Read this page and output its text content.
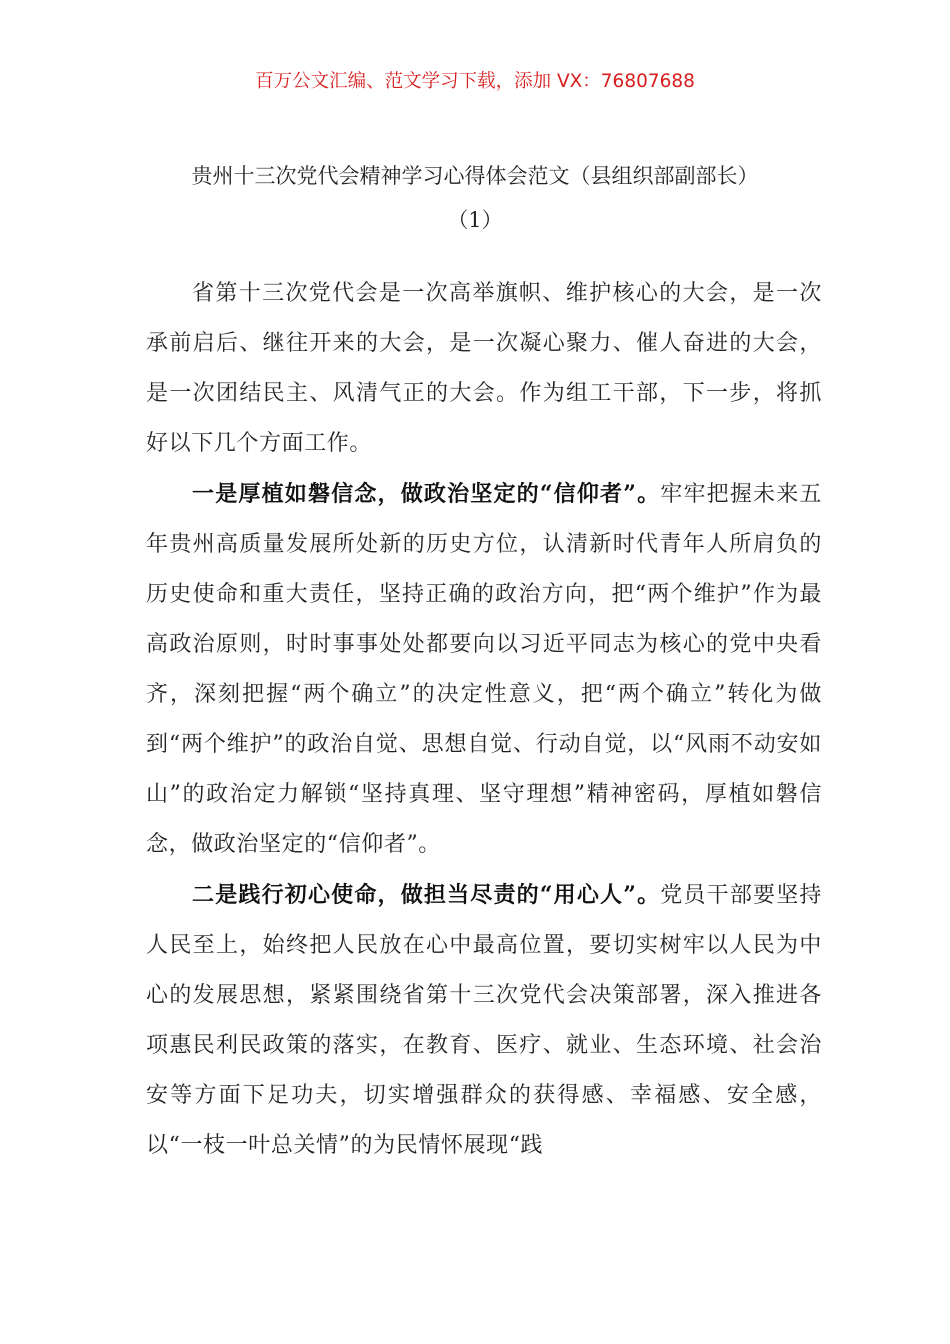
百万公文汇编、范文学习下载，添加 VX：76807688
贵州十三次党代会精神学习心得体会范文（县组织部副部长）
（1）

省第十三次党代会是一次高举旗帜、维护核心的大会，是一次承前启后、继往开来的大会，是一次凝心聚力、催人奋进的大会，是一次团结民主、风清气正的大会。作为组工干部，下一步，将抓好以下几个方面工作。

一是厚植如磐信念，做政治坚定的“信仰者”。牢牢把握未来五年贵州高质量发展所处新的历史方位，认清新时代青年人所肩负的历史使命和重大责任，坚持正确的政治方向，把“两个维护”作为最高政治原则，时时事事处处都要向以习近平同志为核心的党中央看齐，深刻把握“两个确立”的决定性意义，把“两个确立”转化为做到“两个维护”的政治自觉、思想自觉、行动自觉，以“风雨不动安如山”的政治定力解锁“坚持真理、坚守理想”精神密码，厚植如磐信念，做政治坚定的“信仰者”。

二是践行初心使命，做担当尽责的“用心人”。党员干部要坚持人民至上，始终把人民放在心中最高位置，要切实树牢以人民为中心的发展思想，紧紧围绕省第十三次党代会决策部署，深入推进各项惠民利民政策的落实，在教育、医疗、就业、生态环境、社会治安等方面下足功夫，切实增强群众的获得感、幸福感、安全感，以“一枝一叶总关情”的为民情怀展现“践
